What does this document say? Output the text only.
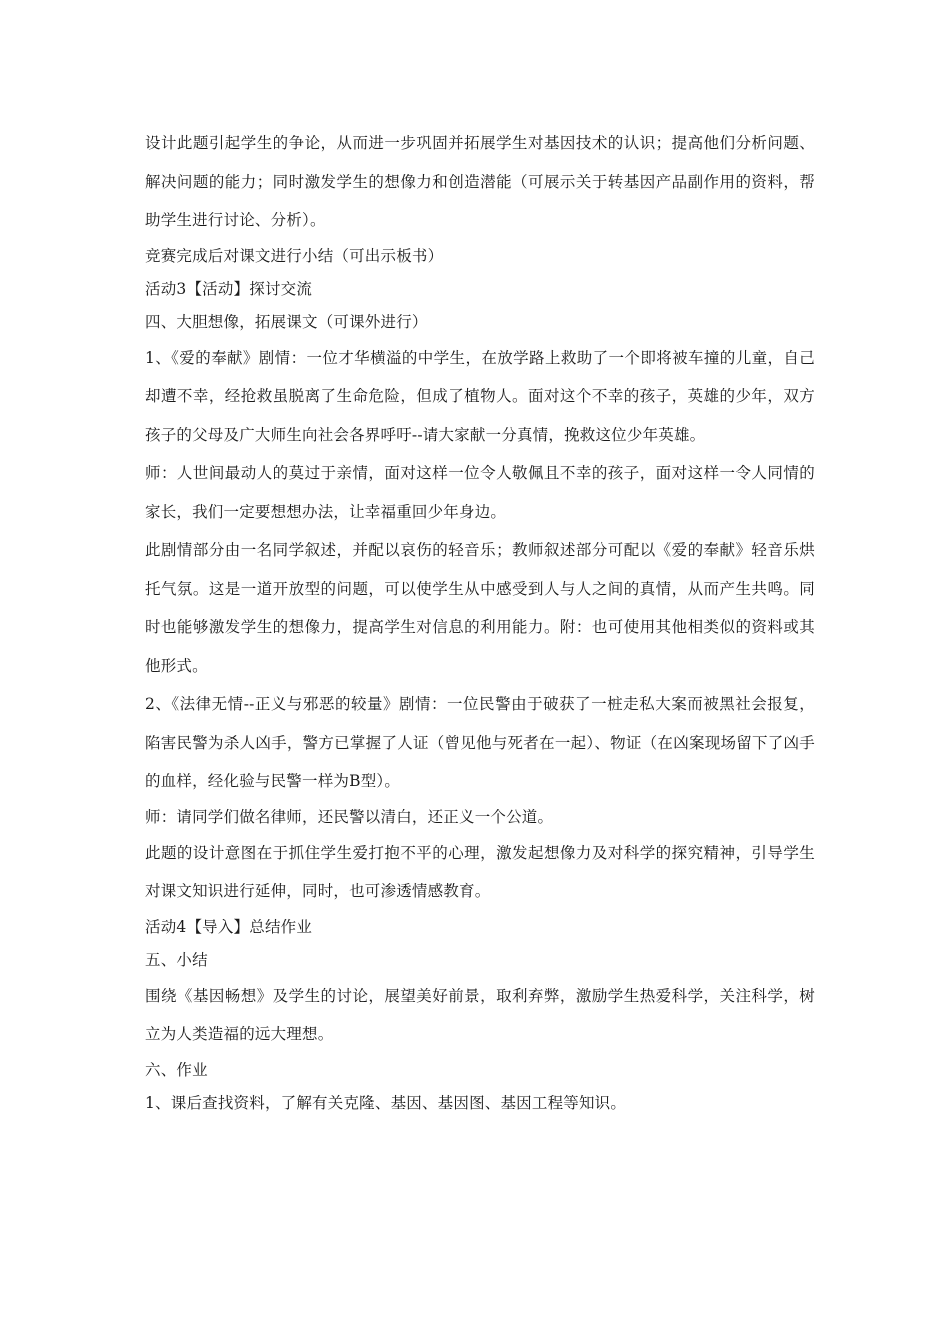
设计此题引起学生的争论，从而进一步巩固并拓展学生对基因技术的认识；提高他们分析问题、解决问题的能力；同时激发学生的想像力和创造潜能（可展示关于转基因产品副作用的资料，帮助学生进行讨论、分析）。

竞赛完成后对课文进行小结（可出示板书）

活动3【活动】探讨交流

四、大胆想像，拓展课文（可课外进行）

1、《爱的奉献》剧情：一位才华横溢的中学生，在放学路上救助了一个即将被车撞的儿童，自己却遭不幸，经抢救虽脱离了生命危险，但成了植物人。面对这个不幸的孩子，英雄的少年，双方孩子的父母及广大师生向社会各界呼吁--请大家献一分真情，挽救这位少年英雄。

师：人世间最动人的莫过于亲情，面对这样一位令人敬佩且不幸的孩子，面对这样一令人同情的家长，我们一定要想想办法，让幸福重回少年身边。

此剧情部分由一名同学叙述，并配以哀伤的轻音乐；教师叙述部分可配以《爱的奉献》轻音乐烘托气氛。这是一道开放型的问题，可以使学生从中感受到人与人之间的真情，从而产生共鸣。同时也能够激发学生的想像力，提高学生对信息的利用能力。附：也可使用其他相类似的资料或其他形式。

2、《法律无情--正义与邪恶的较量》剧情：一位民警由于破获了一桩走私大案而被黑社会报复，陷害民警为杀人凶手，警方已掌握了人证（曾见他与死者在一起）、物证（在凶案现场留下了凶手的血样，经化验与民警一样为B型）。

师：请同学们做名律师，还民警以清白，还正义一个公道。

此题的设计意图在于抓住学生爱打抱不平的心理，激发起想像力及对科学的探究精神，引导学生对课文知识进行延伸，同时，也可渗透情感教育。

活动4【导入】总结作业

五、小结

围绕《基因畅想》及学生的讨论，展望美好前景，取利弃弊，激励学生热爱科学，关注科学，树立为人类造福的远大理想。

六、作业

1、课后查找资料，了解有关克隆、基因、基因图、基因工程等知识。
